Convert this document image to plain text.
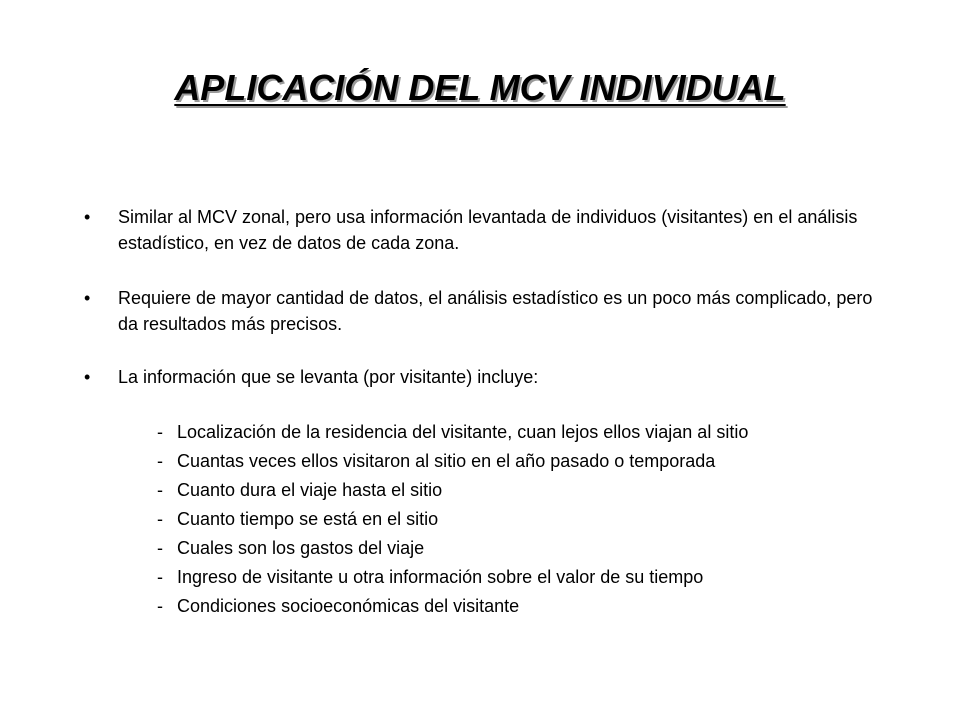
APLICACIÓN DEL MCV INDIVIDUAL
•	Similar al MCV zonal, pero usa información levantada de individuos (visitantes) en el análisis estadístico, en vez de datos de cada zona.
•	Requiere de mayor cantidad de datos, el análisis estadístico es un poco más complicado, pero da resultados más precisos.
•	La información que se levanta (por visitante) incluye:
- Localización de la residencia del visitante, cuan lejos ellos viajan al sitio
- Cuantas veces ellos visitaron al sitio en el año pasado o temporada
- Cuanto dura el viaje hasta el sitio
- Cuanto tiempo se está en el sitio
- Cuales son los gastos del viaje
- Ingreso de visitante u otra información sobre el valor de su tiempo
- Condiciones socioeconómicas del visitante
